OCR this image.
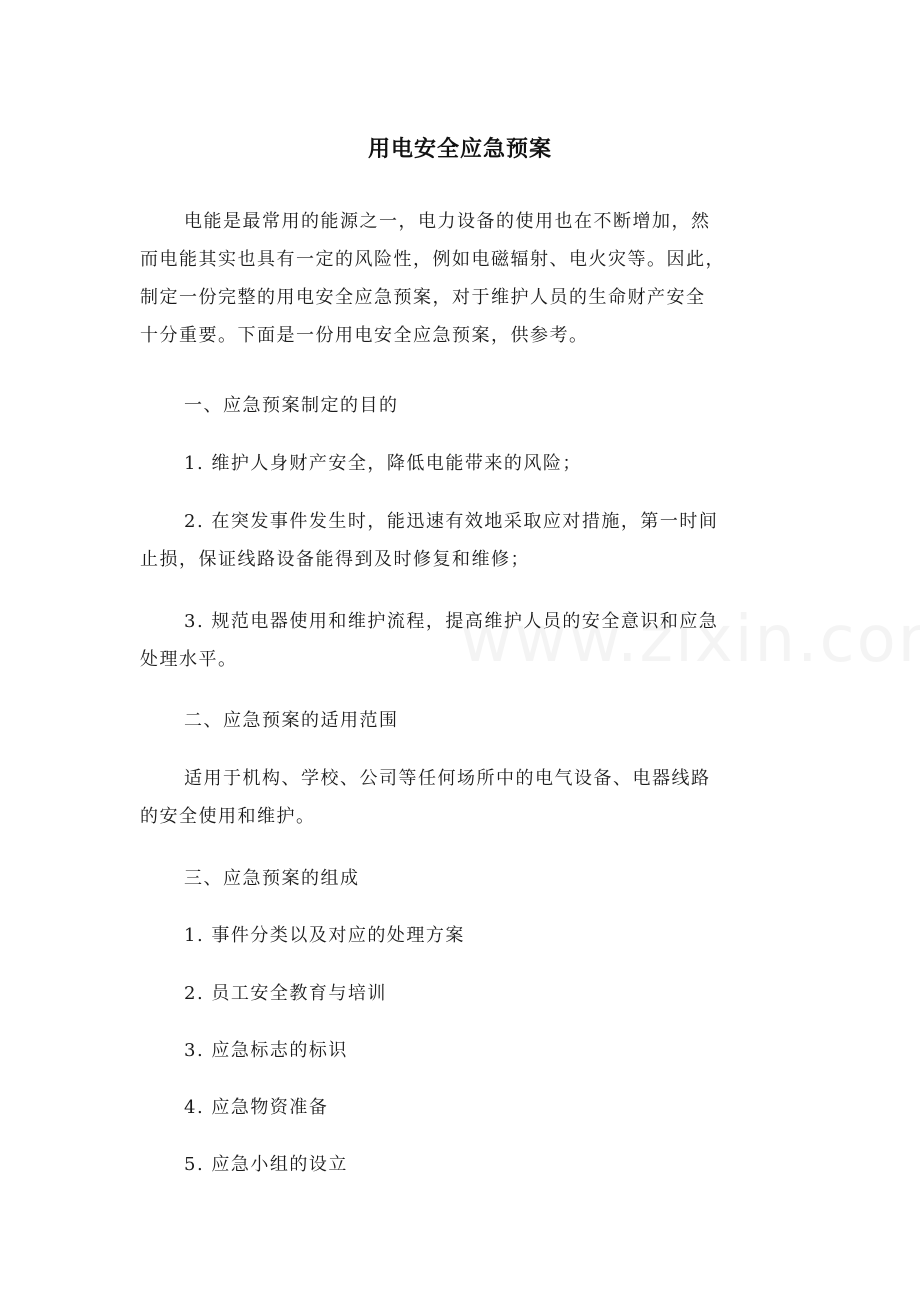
用电安全应急预案
电能是最常用的能源之一，电力设备的使用也在不断增加，然
而电能其实也具有一定的风险性，例如电磁辐射、电火灾等。因此，
制定一份完整的用电安全应急预案，对于维护人员的生命财产安全
十分重要。下面是一份用电安全应急预案，供参考。
一、应急预案制定的目的
1. 维护人身财产安全，降低电能带来的风险；
2. 在突发事件发生时，能迅速有效地采取应对措施，第一时间
止损，保证线路设备能得到及时修复和维修；
3. 规范电器使用和维护流程，提高维护人员的安全意识和应急
处理水平。
二、应急预案的适用范围
适用于机构、学校、公司等任何场所中的电气设备、电器线路
的安全使用和维护。
三、应急预案的组成
1. 事件分类以及对应的处理方案
2. 员工安全教育与培训
3. 应急标志的标识
4. 应急物资准备
5. 应急小组的设立
